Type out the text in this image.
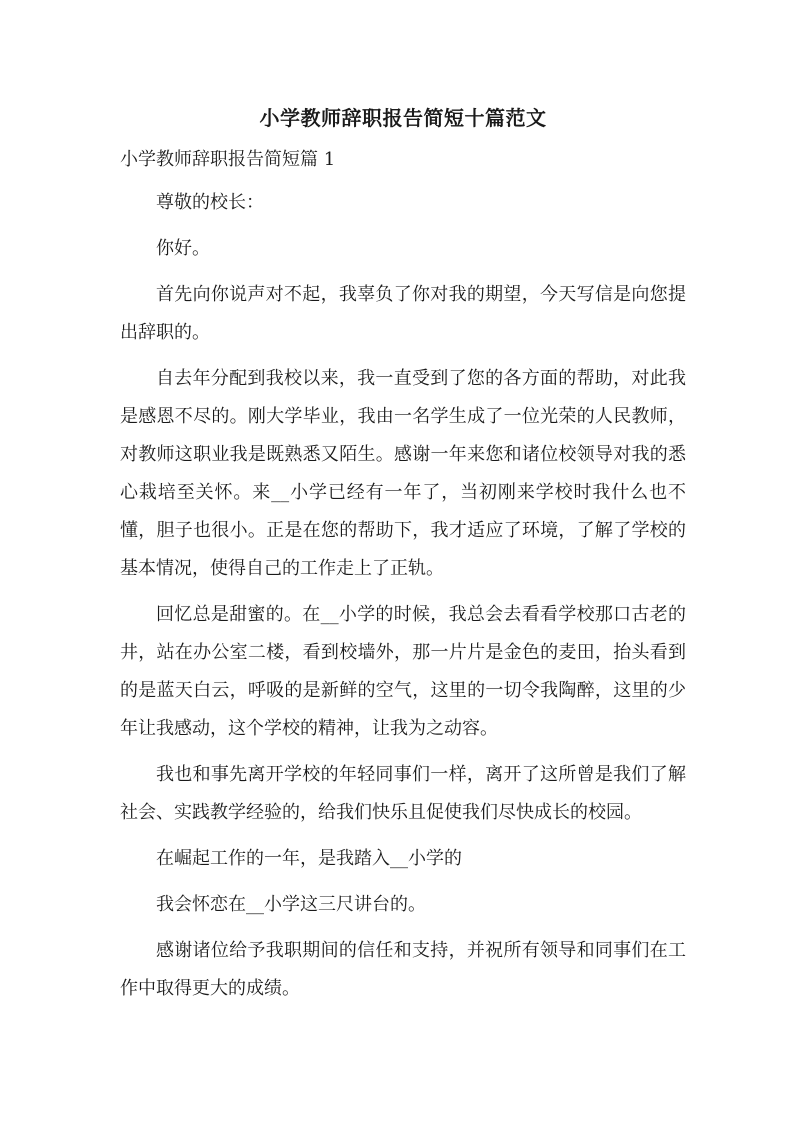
小学教师辞职报告简短十篇范文
小学教师辞职报告简短篇 1

尊敬的校长：

你好。

首先向你说声对不起，我辜负了你对我的期望，今天写信是向您提出辞职的。

自去年分配到我校以来，我一直受到了您的各方面的帮助，对此我是感恩不尽的。刚大学毕业，我由一名学生成了一位光荣的人民教师，对教师这职业我是既熟悉又陌生。感谢一年来您和诸位校领导对我的悉心栽培至关怀。来__小学已经有一年了，当初刚来学校时我什么也不懂，胆子也很小。正是在您的帮助下，我才适应了环境，了解了学校的基本情况，使得自己的工作走上了正轨。

回忆总是甜蜜的。在__小学的时候，我总会去看看学校那口古老的井，站在办公室二楼，看到校墙外，那一片片是金色的麦田，抬头看到的是蓝天白云，呼吸的是新鲜的空气，这里的一切令我陶醉，这里的少年让我感动，这个学校的精神，让我为之动容。

我也和事先离开学校的年轻同事们一样，离开了这所曾是我们了解社会、实践教学经验的，给我们快乐且促使我们尽快成长的校园。

在崛起工作的一年，是我踏入__小学的

我会怀恋在__小学这三尺讲台的。

感谢诸位给予我职期间的信任和支持，并祝所有领导和同事们在工作中取得更大的成绩。
